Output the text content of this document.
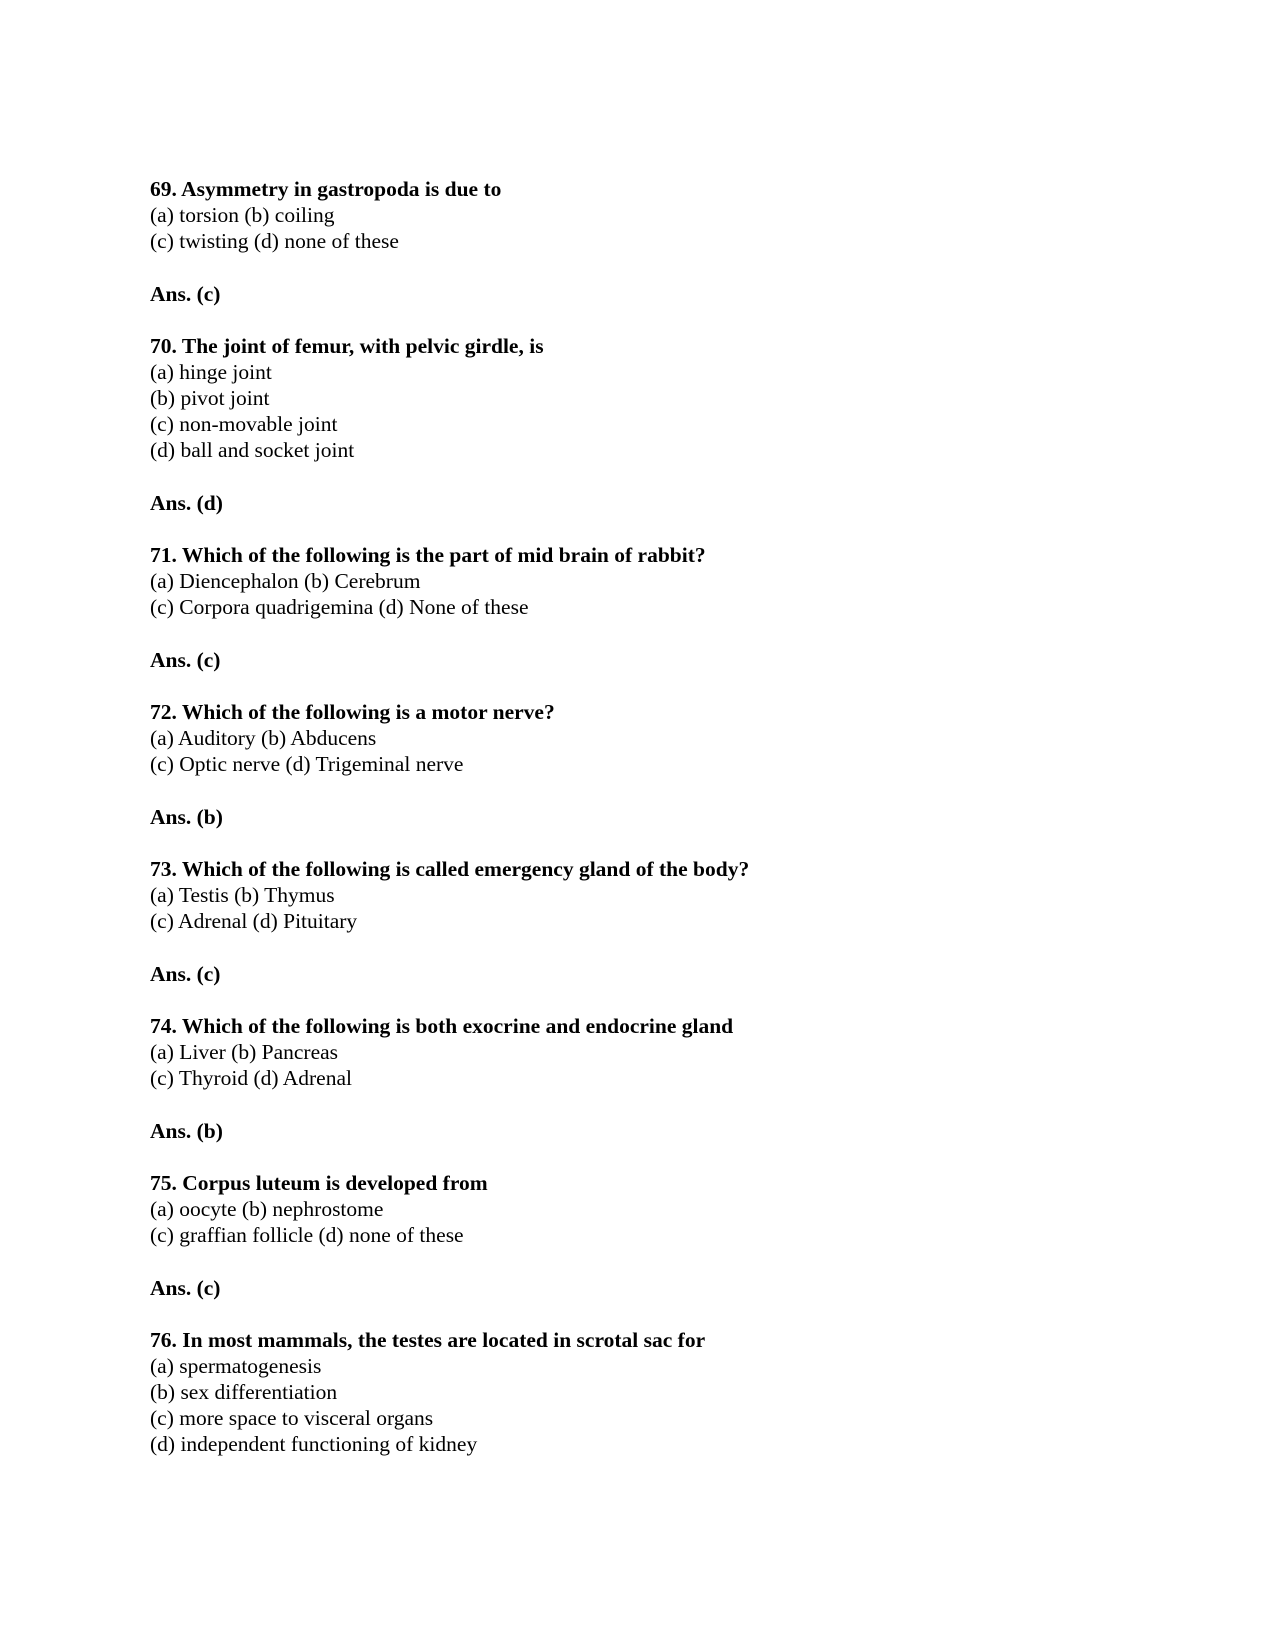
69. Asymmetry in gastropoda is due to

(a) torsion (b) coiling

(c) twisting (d) none of these

Ans. (c)

70. The joint of femur, with pelvic girdle, is

(a) hinge joint

(b) pivot joint

(c) non-movable joint

(d) ball and socket joint

Ans. (d)

71. Which of the following is the part of mid brain of rabbit?

(a) Diencephalon (b) Cerebrum

(c) Corpora quadrigemina (d) None of these

Ans. (c)

72. Which of the following is a motor nerve?

(a) Auditory (b) Abducens

(c) Optic nerve (d) Trigeminal nerve

Ans. (b)

73. Which of the following is called emergency gland of the body?

(a) Testis (b) Thymus

(c) Adrenal (d) Pituitary

Ans. (c)

74. Which of the following is both exocrine and endocrine gland

(a) Liver (b) Pancreas

(c) Thyroid (d) Adrenal

Ans. (b)

75. Corpus luteum is developed from

(a) oocyte (b) nephrostome

(c) graffian follicle (d) none of these

Ans. (c)

76. In most mammals, the testes are located in scrotal sac for

(a) spermatogenesis

(b) sex differentiation

(c) more space to visceral organs

(d) independent functioning of kidney
